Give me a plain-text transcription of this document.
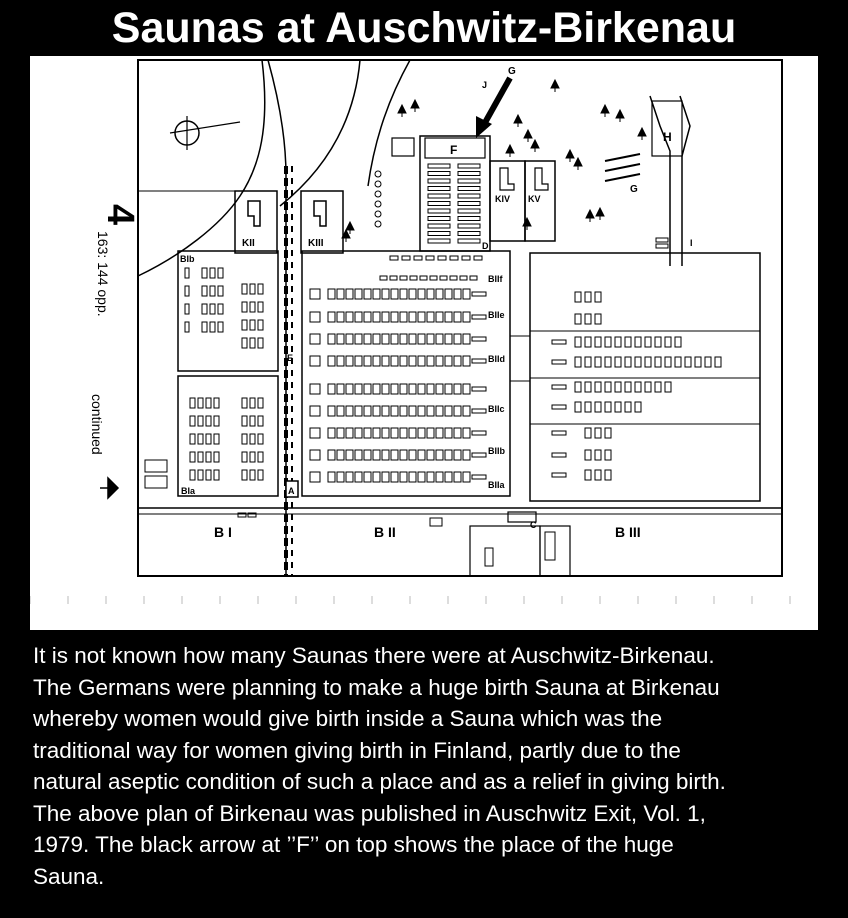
Saunas at Auschwitz-Birkenau
4
163: 144 opp.
continued
KII	KIII
F
D
G
J
KIV KV
H
G
I
BIb
BIa
BIIf
BIIe
BIId
BIIc
BIIb
BIIa
A
E
C
B I	B II	B III
It is not known how many Saunas there were at Auschwitz-Birkenau.
The Germans were planning to make a huge birth Sauna at Birkenau
whereby women would give birth inside a Sauna which was the
traditional way for women giving birth in Finland, partly due to the
natural aseptic condition of such a place and as a relief in giving birth.
The above plan of Birkenau was published in Auschwitz Exit, Vol. 1,
1979. The black arrow at ’’F’’ on top shows the place of the huge
Sauna.
